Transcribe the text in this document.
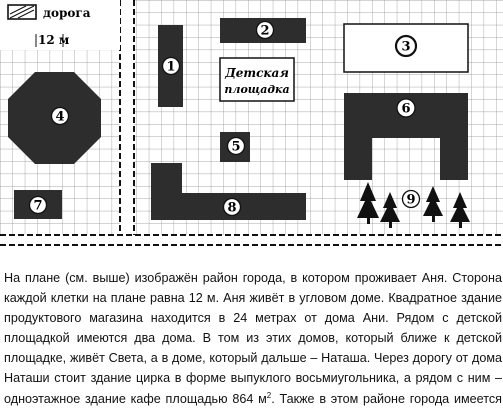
дорога
12 м
1
2
3
4
5
6
7	8
9
Детская
площадка
На плане (см. выше) изображён район города, в котором проживает Аня. Сторона
каждой клетки на плане равна 12 м. Аня живёт в угловом доме. Квадратное здание
продуктового магазина находится в 24 метрах от дома Ани. Рядом с детской
площадкой имеются два дома. В том из этих домов, который ближе к детской
площадке, живёт Света, а в доме, который дальше – Наташа. Через дорогу от дома
Наташи стоит здание цирка в форме выпуклого восьмиугольника, а рядом с ним –
одноэтажное здание кафе площадью 864 $м^2$. Также в этом районе города имеется
